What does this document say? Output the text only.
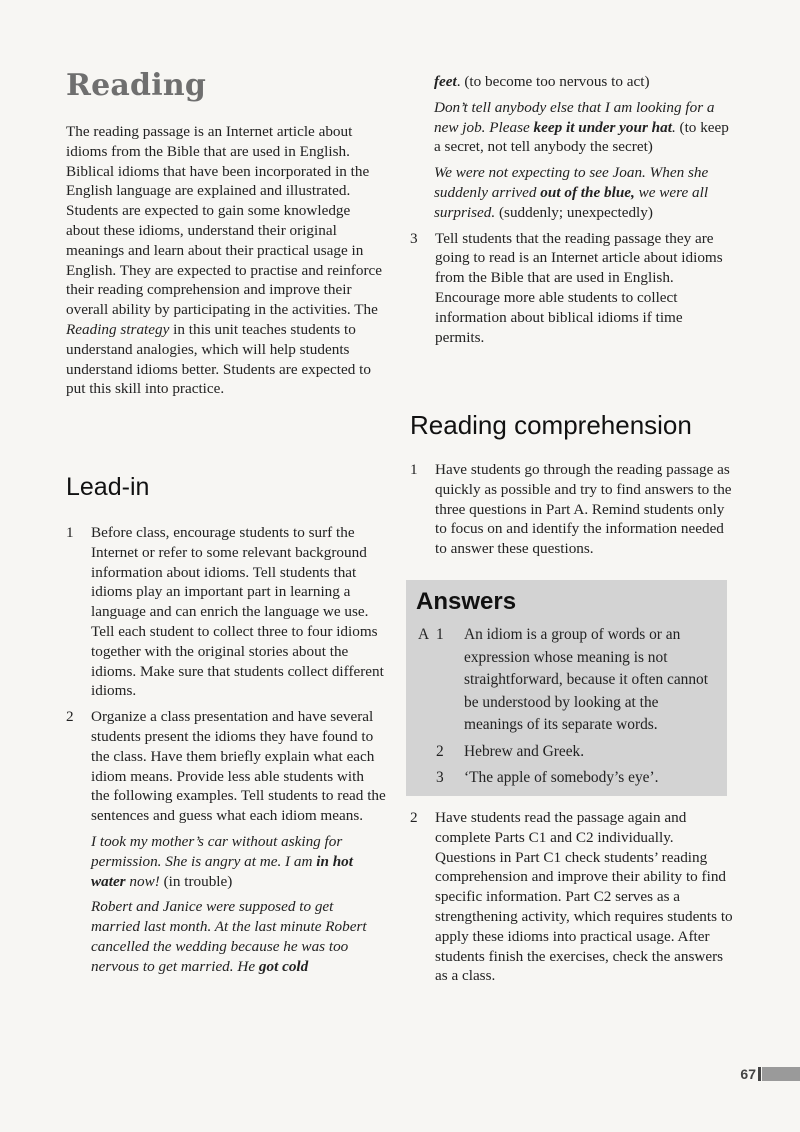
Reading

The reading passage is an Internet article about idioms from the Bible that are used in English. Biblical idioms that have been incorporated in the English language are explained and illustrated. Students are expected to gain some knowledge about these idioms, understand their original meanings and learn about their practical usage in English. They are expected to practise and reinforce their reading comprehension and improve their overall ability by participating in the activities. The Reading strategy in this unit teaches students to understand analogies, which will help students understand idioms better. Students are expected to put this skill into practice.

Lead-in
1 Before class, encourage students to surf the Internet or refer to some relevant background information about idioms. Tell students that idioms play an important part in learning a language and can enrich the language we use. Tell each student to collect three to four idioms together with the original stories about the idioms. Make sure that students collect different idioms.
2 Organize a class presentation and have several students present the idioms they have found to the class. Have them briefly explain what each idiom means. Provide less able students with the following examples. Tell students to read the sentences and guess what each idiom means.
I took my mother’s car without asking for permission. She is angry at me. I am in hot water now! (in trouble)
Robert and Janice were supposed to get married last month. At the last minute Robert cancelled the wedding because he was too nervous to get married. He got cold
feet. (to become too nervous to act)
Don’t tell anybody else that I am looking for a new job. Please keep it under your hat. (to keep a secret, not tell anybody the secret)
We were not expecting to see Joan. When she suddenly arrived out of the blue, we were all surprised. (suddenly; unexpectedly)
3 Tell students that the reading passage they are going to read is an Internet article about idioms from the Bible that are used in English. Encourage more able students to collect information about biblical idioms if time permits.
Reading comprehension
1 Have students go through the reading passage as quickly as possible and try to find answers to the three questions in Part A. Remind students only to focus on and identify the information needed to answer these questions.
Answers
A 1 An idiom is a group of words or an expression whose meaning is not straightforward, because it often cannot be understood by looking at the meanings of its separate words.
2 Hebrew and Greek.
3 ‘The apple of somebody’s eye’.
2 Have students read the passage again and complete Parts C1 and C2 individually. Questions in Part C1 check students’ reading comprehension and improve their ability to find specific information. Part C2 serves as a strengthening activity, which requires students to apply these idioms into practical usage. After students finish the exercises, check the answers as a class.
67
